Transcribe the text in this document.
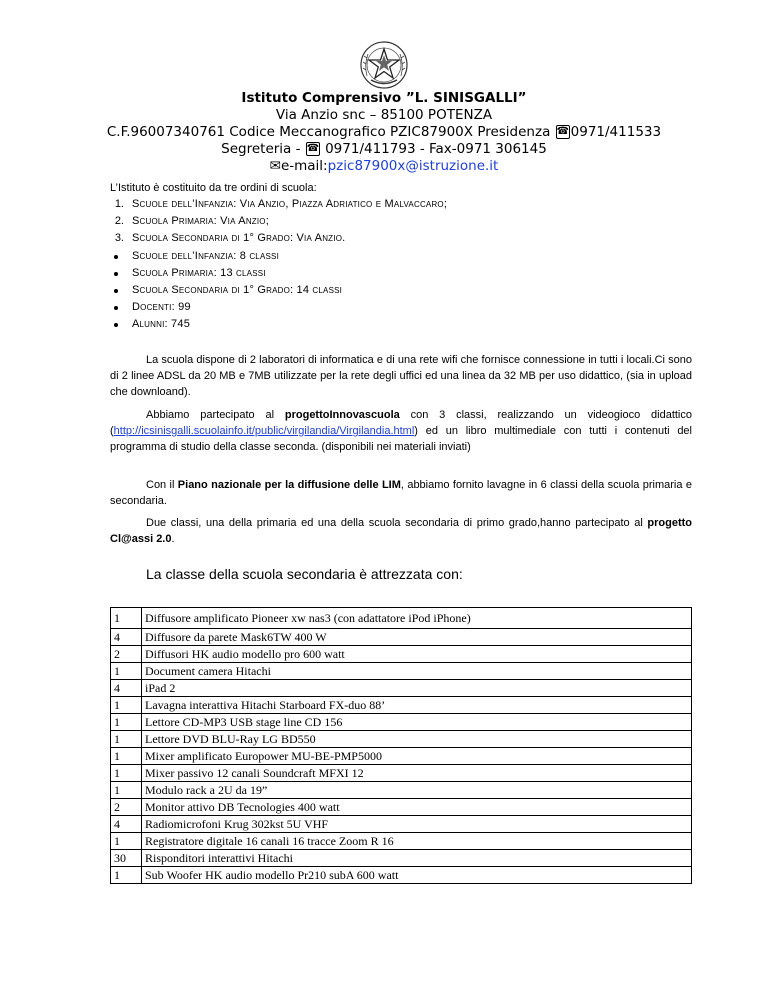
Istituto Comprensivo ”L. SINISGALLI”
Via Anzio snc – 85100 POTENZA
C.F.96007340761 Codice Meccanografico PZIC87900X Presidenza ☎ 0971/411533
Segreteria - ☎ 0971/411793 - Fax-0971 306145
✉e-mail:pzic87900x@istruzione.it
L’Istituto è costituito da tre ordini di scuola:
1. Scuole dell’Infanzia: Via Anzio, Piazza Adriatico e Malvaccaro;
2. Scuola Primaria: Via Anzio;
3. Scuola Secondaria di 1° Grado: Via Anzio.
Scuole dell’Infanzia: 8 classi
Scuola Primaria: 13 classi
Scuola Secondaria di 1° Grado: 14 classi
Docenti: 99
Alunni: 745
La scuola dispone di 2 laboratori di informatica e di una rete wifi che fornisce connessione in tutti i locali.Ci sono di 2 linee ADSL da 20 MB e 7MB utilizzate per la rete degli uffici ed una linea da 32 MB per uso didattico, (sia in upload che downloand).
Abbiamo partecipato al progettoInnovascuola con 3 classi, realizzando un videogioco didattico (http://icsinisgalli.scuolainfo.it/public/virgilandia/Virgilandia.html) ed un libro multimediale con tutti i contenuti del programma di studio della classe seconda. (disponibili nei materiali inviati)
Con il Piano nazionale per la diffusione delle LIM, abbiamo fornito lavagne in 6 classi della scuola primaria e secondaria.
Due classi, una della primaria ed una della scuola secondaria di primo grado,hanno partecipato al progetto Cl@assi 2.0.
La classe della scuola secondaria è attrezzata con:
1	Diffusore amplificato Pioneer xw nas3 (con adattatore iPod iPhone)
4	Diffusore da parete Mask6TW 400 W
2	Diffusori HK audio modello pro 600 watt
1	Document camera Hitachi
4	iPad 2
1	Lavagna interattiva Hitachi Starboard FX-duo 88’
1	Lettore CD-MP3 USB stage line CD 156
1	Lettore DVD BLU-Ray LG BD550
1	Mixer amplificato Europower MU-BE-PMP5000
1	Mixer passivo 12 canali Soundcraft MFXI 12
1	Modulo rack a 2U da 19”
2	Monitor attivo DB Tecnologies 400 watt
4	Radiomicrofoni Krug 302kst 5U VHF
1	Registratore digitale 16 canali 16 tracce Zoom R 16
30	Risponditori interattivi Hitachi
1	Sub Woofer HK audio modello Pr210 subA 600 watt
